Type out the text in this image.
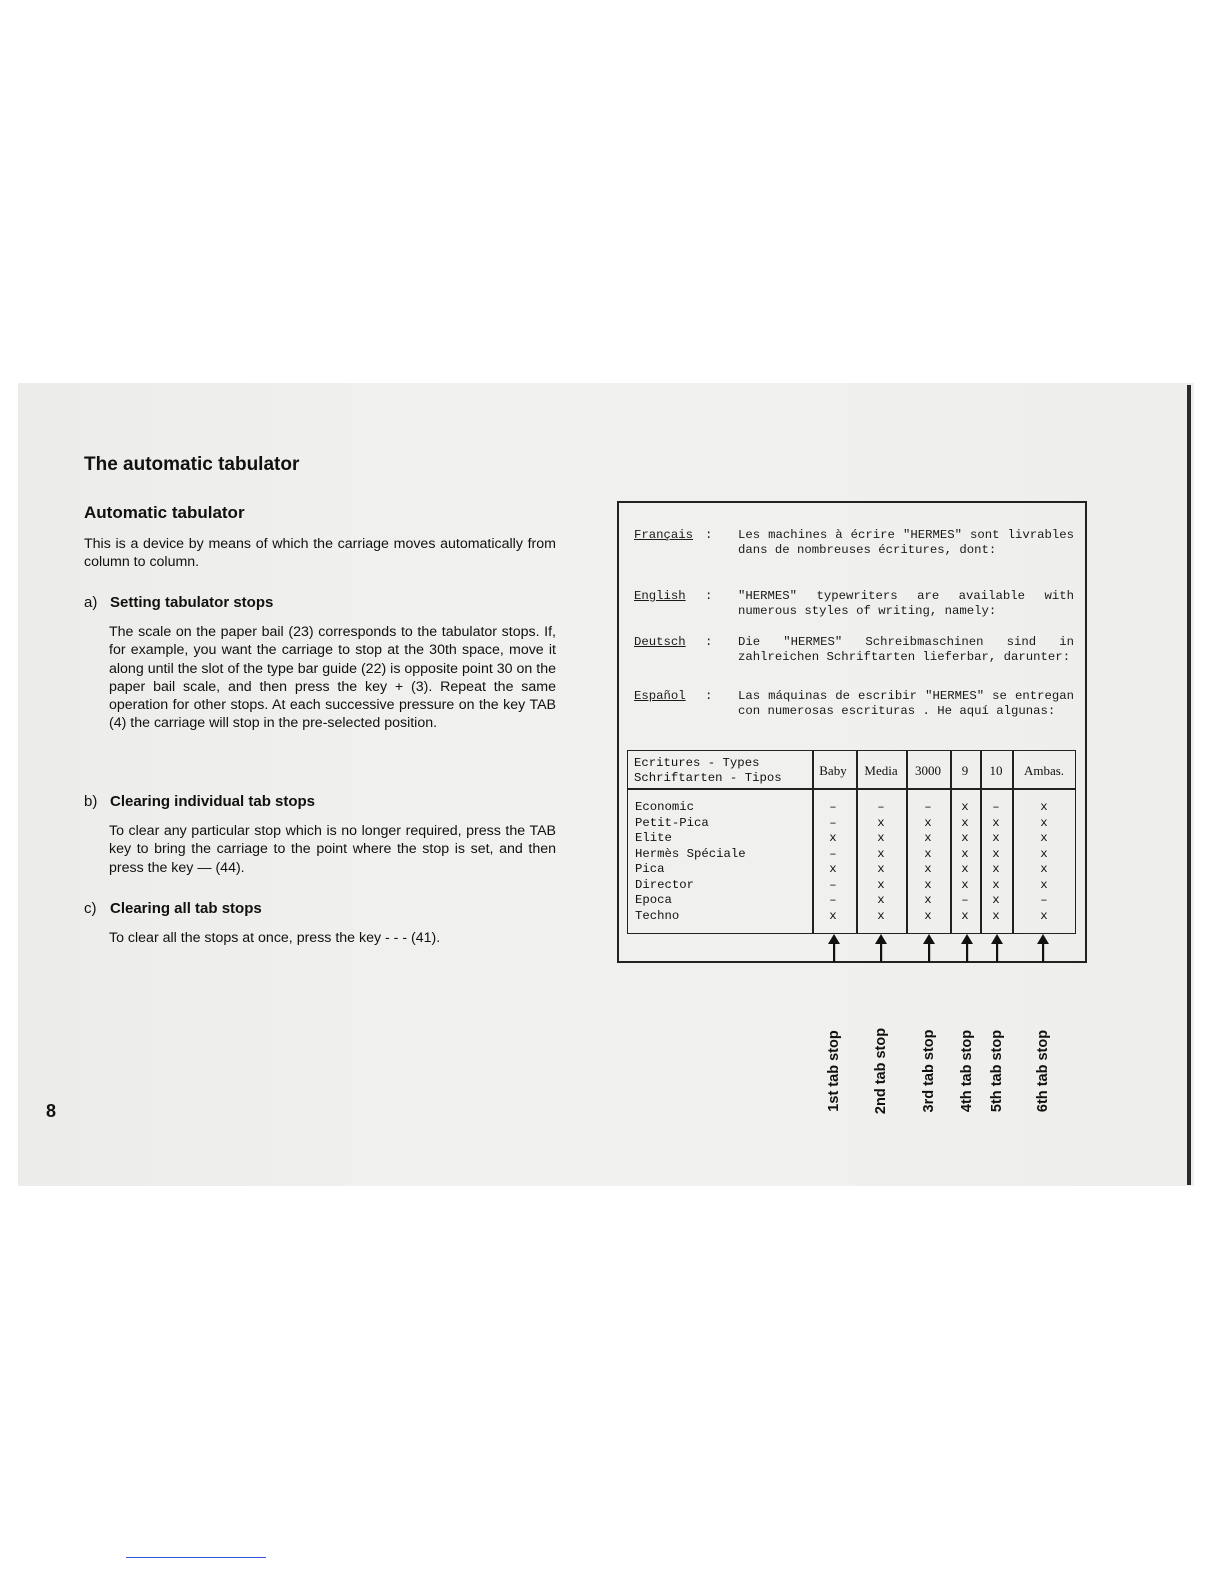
The automatic tabulator
Automatic tabulator

This is a device by means of which the carriage moves automatically from column to column.

a) Setting tabulator stops

The scale on the paper bail (23) corresponds to the tabulator stops. If, for example, you want the carriage to stop at the 30th space, move it along until the slot of the type bar guide (22) is opposite point 30 on the paper bail scale, and then press the key + (3). Repeat the same operation for other stops. At each successive pressure on the key TAB (4) the carriage will stop in the pre-selected position.

b) Clearing individual tab stops

To clear any particular stop which is no longer required, press the TAB key to bring the carriage to the point where the stop is set, and then press the key — (44).

c) Clearing all tab stops

To clear all the stops at once, press the key - - - (41).

8
Français : Les machines à écrire "HERMES" sont livrables dans de nombreuses écritures, dont:
English : "HERMES" typewriters are available with numerous styles of writing, namely:
Deutsch : Die "HERMES" Schreibmaschinen sind in zahlreichen Schriftarten lieferbar, darunter:
Español : Las máquinas de escribir "HERMES" se entregan con numerosas escrituras . He aquí algunas:
Ecritures - Types
Schriftarten - Tipos	Baby	Media	3000	9	10	Ambas.
Economic	–	–	–	x	–	x
Petit-Pica	–	x	x	x	x	x
Elite	x	x	x	x	x	x
Hermès Spéciale	–	x	x	x	x	x
Pica	x	x	x	x	x	x
Director	–	x	x	x	x	x
Epoca	–	x	x	–	x	–
Techno	x	x	x	x	x	x
1st tab stop 2nd tab stop 3rd tab stop 4th tab stop 5th tab stop 6th tab stop
